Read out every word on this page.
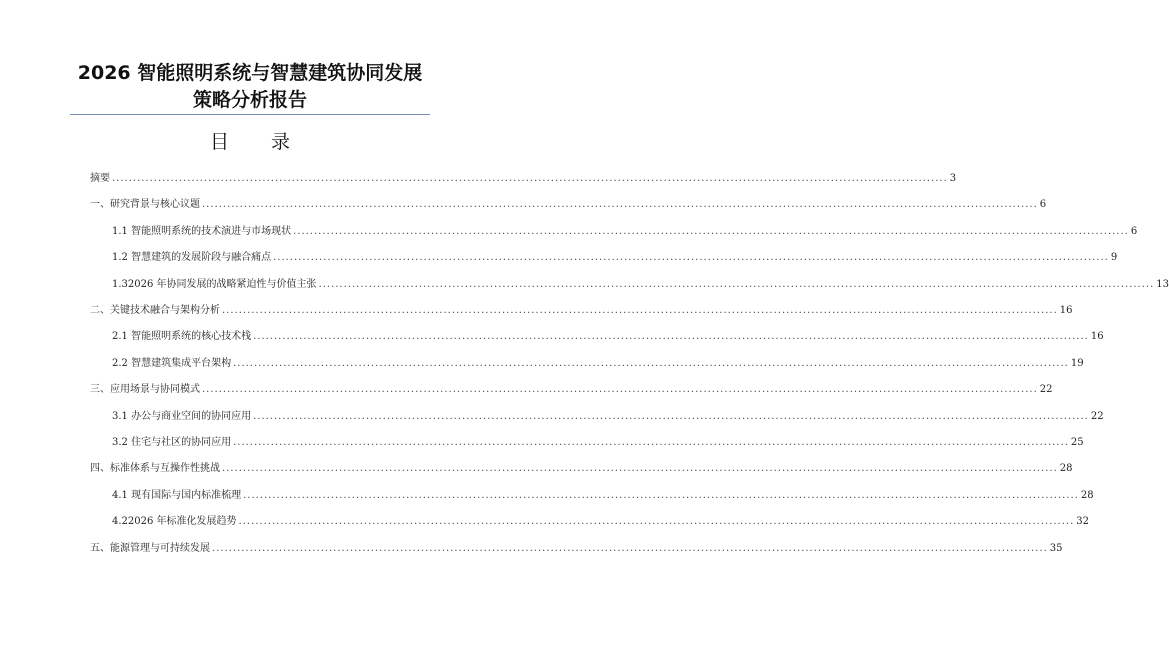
2026 智能照明系统与智慧建筑协同发展
策略分析报告
目 录
摘要 ........................................................................................................................................................................................................ 3
一、研究背景与核心议题 ........................................................................................................................................................................................................ 6
1.1 智能照明系统的技术演进与市场现状 ........................................................................................................................................................................................................ 6
1.2 智慧建筑的发展阶段与融合痛点 ........................................................................................................................................................................................................ 9
1.32026 年协同发展的战略紧迫性与价值主张 ........................................................................................................................................................................................................ 13
二、关键技术融合与架构分析 ........................................................................................................................................................................................................ 16
2.1 智能照明系统的核心技术栈 ........................................................................................................................................................................................................ 16
2.2 智慧建筑集成平台架构 ........................................................................................................................................................................................................ 19
三、应用场景与协同模式 ........................................................................................................................................................................................................ 22
3.1 办公与商业空间的协同应用 ........................................................................................................................................................................................................ 22
3.2 住宅与社区的协同应用 ........................................................................................................................................................................................................ 25
四、标准体系与互操作性挑战 ........................................................................................................................................................................................................ 28
4.1 现有国际与国内标准梳理 ........................................................................................................................................................................................................ 28
4.22026 年标准化发展趋势 ........................................................................................................................................................................................................ 32
五、能源管理与可持续发展 ........................................................................................................................................................................................................ 35
